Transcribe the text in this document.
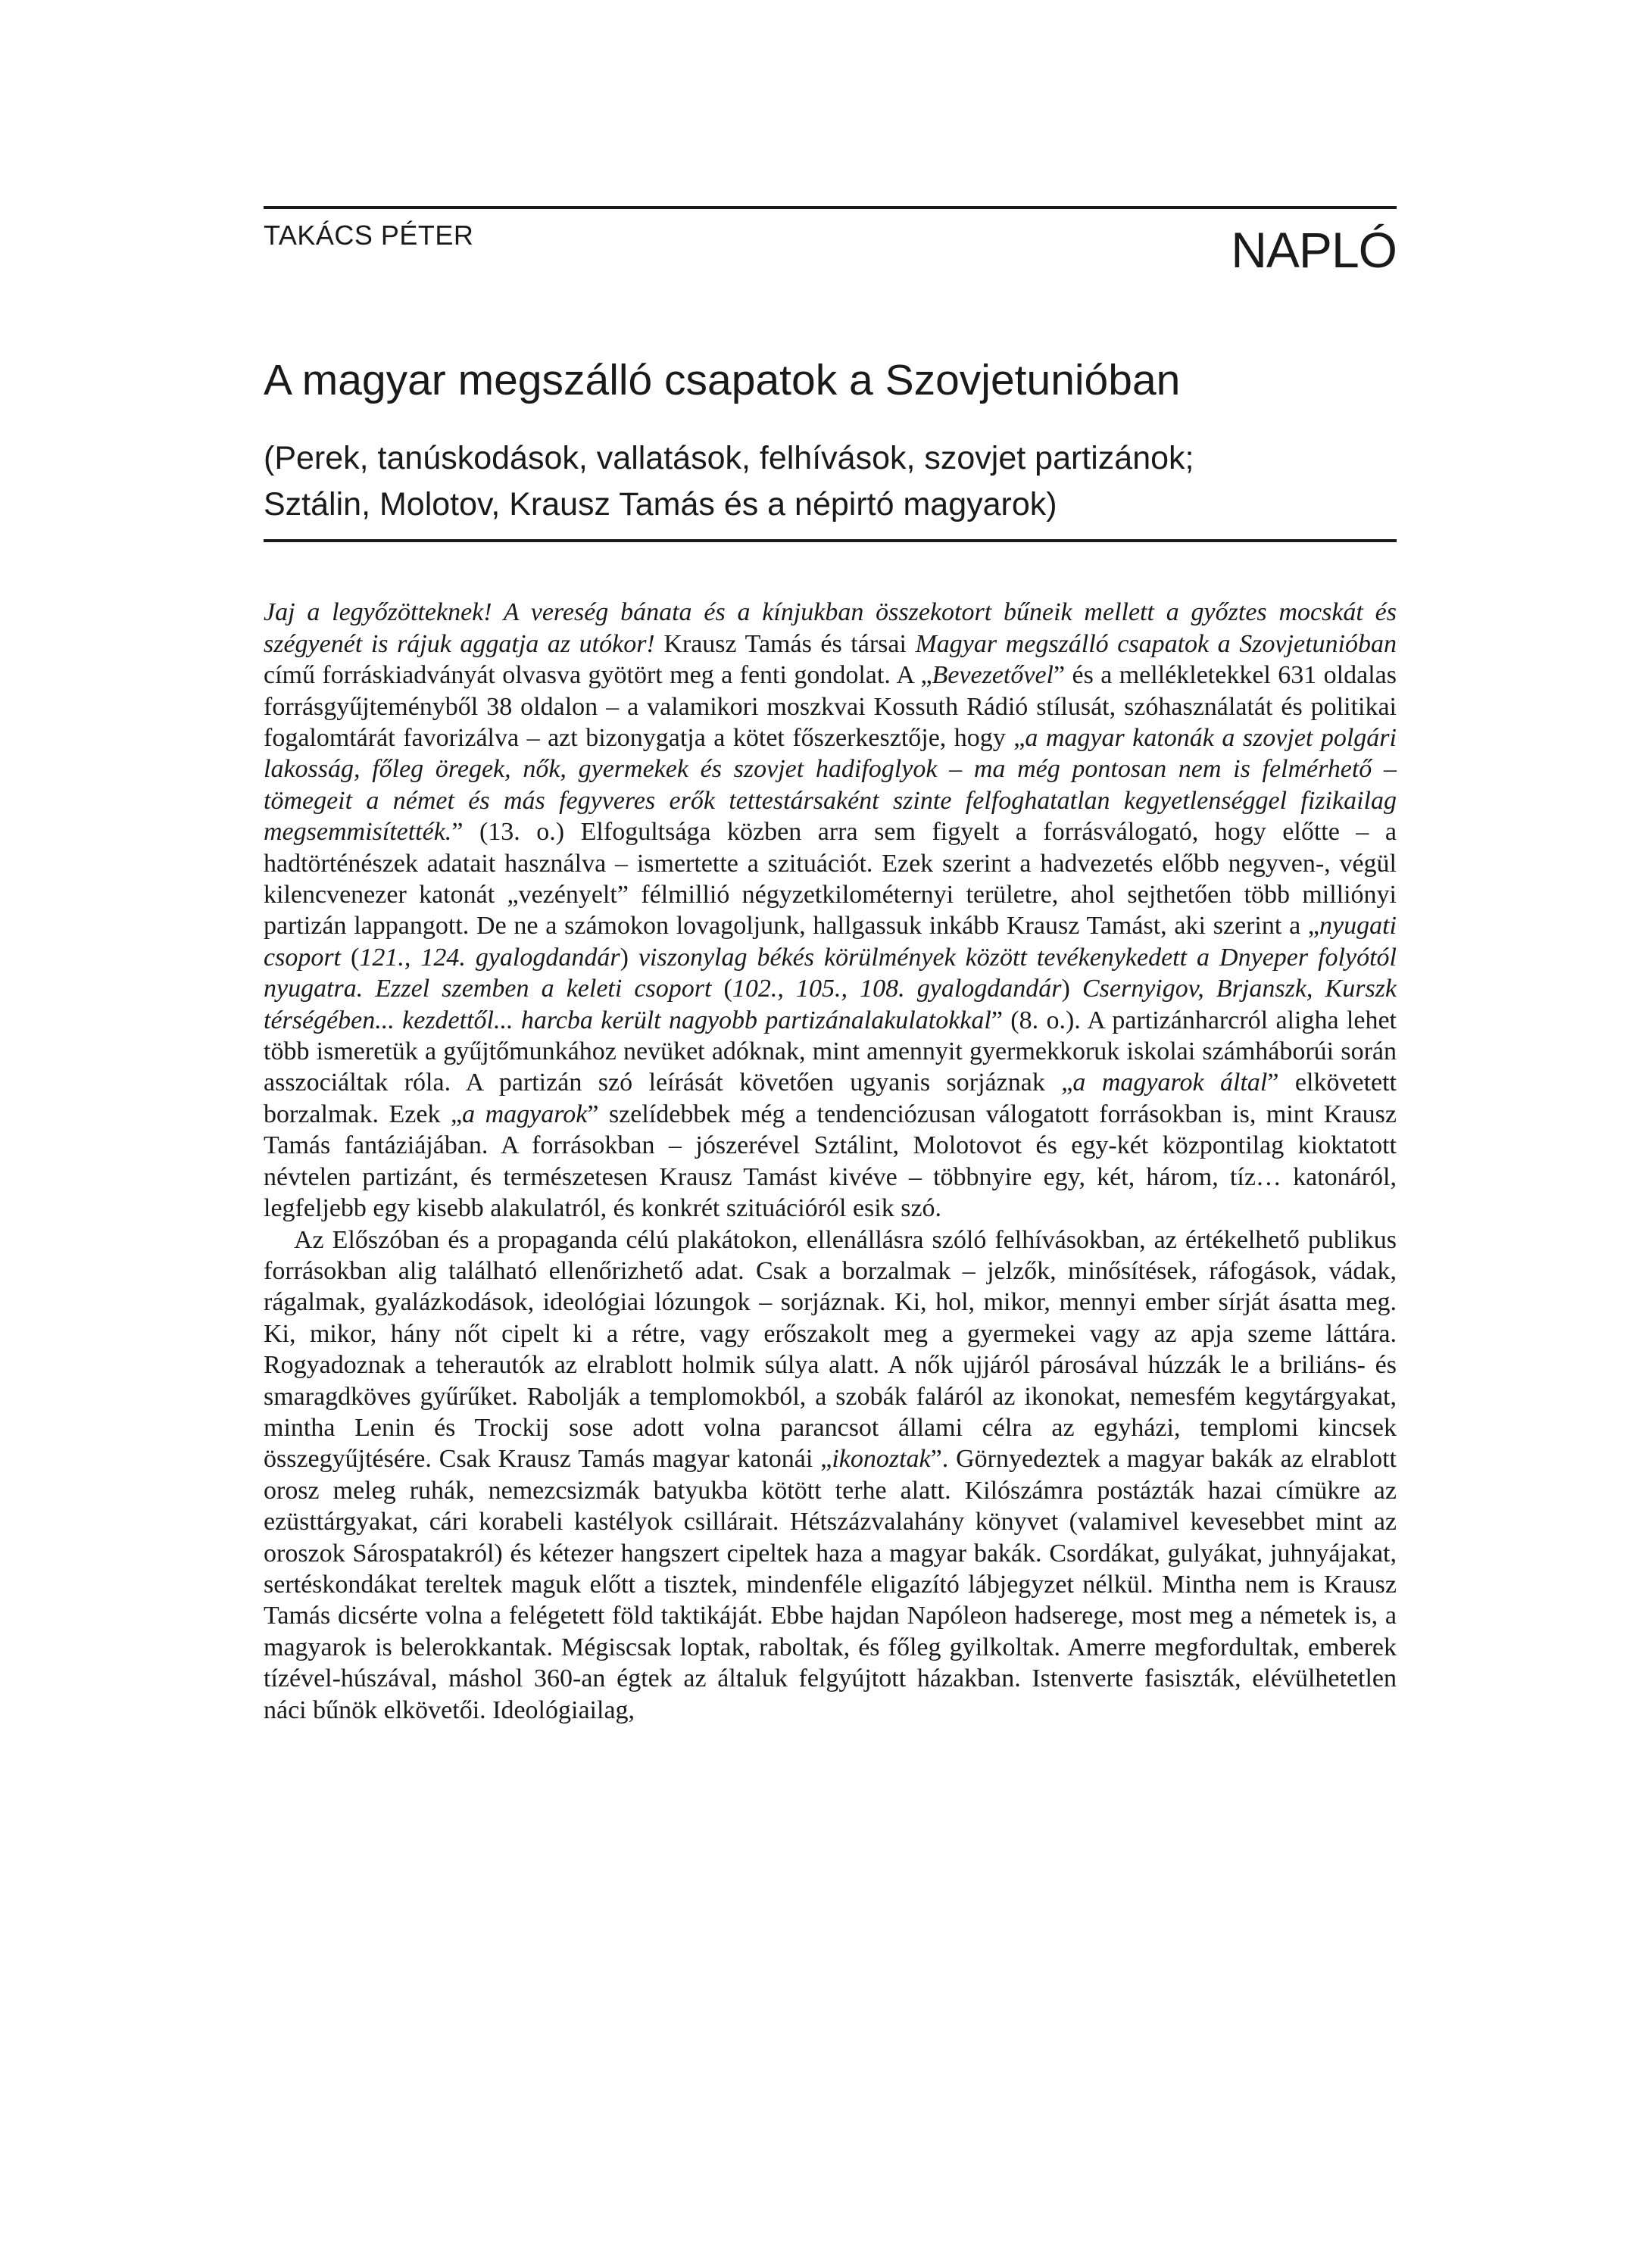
TAKÁCS PÉTER	NAPLÓ
A magyar megszálló csapatok a Szovjetunióban
(Perek, tanúskodások, vallatások, felhívások, szovjet partizánok;
Sztálin, Molotov, Krausz Tamás és a népirtó magyarok)

Jaj a legyőzötteknek! A vereség bánata és a kínjukban összekotort bűneik mellett a győztes mocskát és szégyenét is rájuk aggatja az utókor! Krausz Tamás és társai Magyar megszálló csapatok a Szovjetunióban című forráskiadványát olvasva gyötört meg a fenti gondolat. A „Bevezetővel” és a mellékletekkel 631 oldalas forrásgyűjteményből 38 oldalon – a valamikori moszkvai Kossuth Rádió stílusát, szóhasználatát és politikai fogalomtárát favorizálva – azt bizonygatja a kötet főszerkesztője, hogy „a magyar katonák a szovjet polgári lakosság, főleg öregek, nők, gyermekek és szovjet hadifoglyok – ma még pontosan nem is felmérhető – tömegeit a német és más fegyveres erők tettestársaként szinte felfoghatatlan kegyetlenséggel fizikailag megsemmisítették.” (13. o.) Elfogultsága közben arra sem figyelt a forrásválogató, hogy előtte – a hadtörténészek adatait használva – ismertette a szituációt. Ezek szerint a hadvezetés előbb negyven-, végül kilencvenezer katonát „vezényelt” félmillió négyzetkilométernyi területre, ahol sejthetően több milliónyi partizán lappangott. De ne a számokon lovagoljunk, hallgassuk inkább Krausz Tamást, aki szerint a „nyugati csoport (121., 124. gyalogdandár) viszonylag békés körülmények között tevékenykedett a Dnyeper folyótól nyugatra. Ezzel szemben a keleti csoport (102., 105., 108. gyalogdandár) Csernyigov, Brjanszk, Kurszk térségében... kezdettől... harcba került nagyobb partizánalakulatokkal” (8. o.). A partizánharcról aligha lehet több ismeretük a gyűjtőmunkához nevüket adóknak, mint amennyit gyermekkoruk iskolai számháborúi során asszociáltak róla. A partizán szó leírását követően ugyanis sorjáznak „a magyarok által” elkövetett borzalmak. Ezek „a magyarok” szelídebbek még a tendenciózusan válogatott forrásokban is, mint Krausz Tamás fantáziájában. A forrásokban – jószerével Sztálint, Molotovot és egy-két központilag kioktatott névtelen partizánt, és természetesen Krausz Tamást kivéve – többnyire egy, két, három, tíz… katonáról, legfeljebb egy kisebb alakulatról, és konkrét szituációról esik szó.

Az Előszóban és a propaganda célú plakátokon, ellenállásra szóló felhívásokban, az értékelhető publikus forrásokban alig található ellenőrizhető adat. Csak a borzalmak – jelzők, minősítések, ráfogások, vádak, rágalmak, gyalázkodások, ideológiai lózungok – sorjáznak. Ki, hol, mikor, mennyi ember sírját ásatta meg. Ki, mikor, hány nőt cipelt ki a rétre, vagy erőszakolt meg a gyermekei vagy az apja szeme láttára. Rogyadoznak a teherautók az elrablott holmik súlya alatt. A nők ujjáról párosával húzzák le a briliáns- és smaragdköves gyűrűket. Rabolják a templomokból, a szobák faláról az ikonokat, nemesfém kegytárgyakat, mintha Lenin és Trockij sose adott volna parancsot állami célra az egyházi, templomi kincsek összegyűjtésére. Csak Krausz Tamás magyar katonái „ikonoztak”. Görnyedeztek a magyar bakák az elrablott orosz meleg ruhák, nemezcsizmák batyukba kötött terhe alatt. Kilószámra postázták hazai címükre az ezüsttárgyakat, cári korabeli kastélyok csillárait. Hétszázvalahány könyvet (valamivel kevesebbet mint az oroszok Sárospatakról) és kétezer hangszert cipeltek haza a magyar bakák. Csordákat, gulyákat, juhnyájakat, sertéskondákat tereltek maguk előtt a tisztek, mindenféle eligazító lábjegyzet nélkül. Mintha nem is Krausz Tamás dicsérte volna a felégetett föld taktikáját. Ebbe hajdan Napóleon hadserege, most meg a németek is, a magyarok is belerokkantak. Mégiscsak loptak, raboltak, és főleg gyilkoltak. Amerre megfordultak, emberek tízével-húszával, máshol 360-an égtek az általuk felgyújtott házakban. Istenverte fasiszták, elévülhetetlen náci bűnök elkövetői. Ideológiailag,
